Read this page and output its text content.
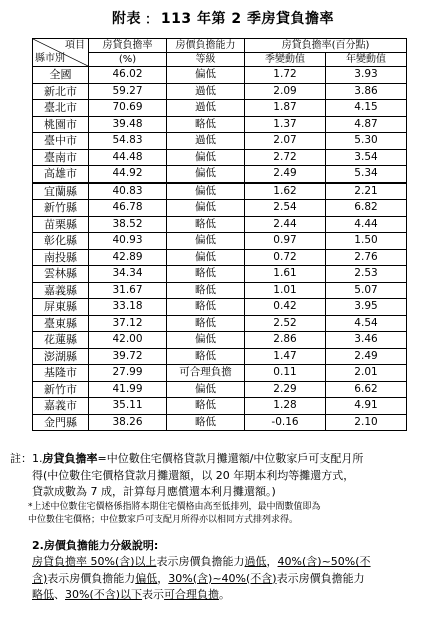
附表﹕ 113 年第 2 季房貸負擔率
項目
縣市別	房貸負擔率	房價負擔能力	房貸負擔率(百分點)	
	(%)	等級	季變動值	年變動值
全國	46.02	偏低	1.72	3.93
新北市	59.27	過低	2.09	3.86
臺北市	70.69	過低	1.87	4.15
桃園市	39.48	略低	1.37	4.87
臺中市	54.83	過低	2.07	5.30
臺南市	44.48	偏低	2.72	3.54
高雄市	44.92	偏低	2.49	5.34
宜蘭縣	40.83	偏低	1.62	2.21
新竹縣	46.78	偏低	2.54	6.82
苗栗縣	38.52	略低	2.44	4.44
彰化縣	40.93	偏低	0.97	1.50
南投縣	42.89	偏低	0.72	2.76
雲林縣	34.34	略低	1.61	2.53
嘉義縣	31.67	略低	1.01	5.07
屏東縣	33.18	略低	0.42	3.95
臺東縣	37.12	略低	2.52	4.54
花蓮縣	42.00	偏低	2.86	3.46
澎湖縣	39.72	略低	1.47	2.49
基隆市	27.99	可合理負擔	0.11	2.01
新竹市	41.99	偏低	2.29	6.62
嘉義市	35.11	略低	1.28	4.91
金門縣	38.26	略低	-0.16	2.10

註：1.房貸負擔率=中位數住宅價格貸款月攤還額/中位數家戶可支配月所

得(中位數住宅價格貸款月攤還額，以 20 年期本利均等攤還方式，

貸款成數為 7 成，計算每月應償還本利月攤還額。)

*上述中位數住宅價格係指將本期住宅價格由高至低排列，最中間數值即為

中位數住宅價格；中位數家戶可支配月所得亦以相同方式排列求得。

2.房價負擔能力分級說明:

房貸負擔率 50%(含)以上表示房價負擔能力過低，40%(含)~50%(不

含)表示房價負擔能力偏低，30%(含)~40%(不含)表示房價負擔能力

略低、30%(不含)以下表示可合理負擔。
